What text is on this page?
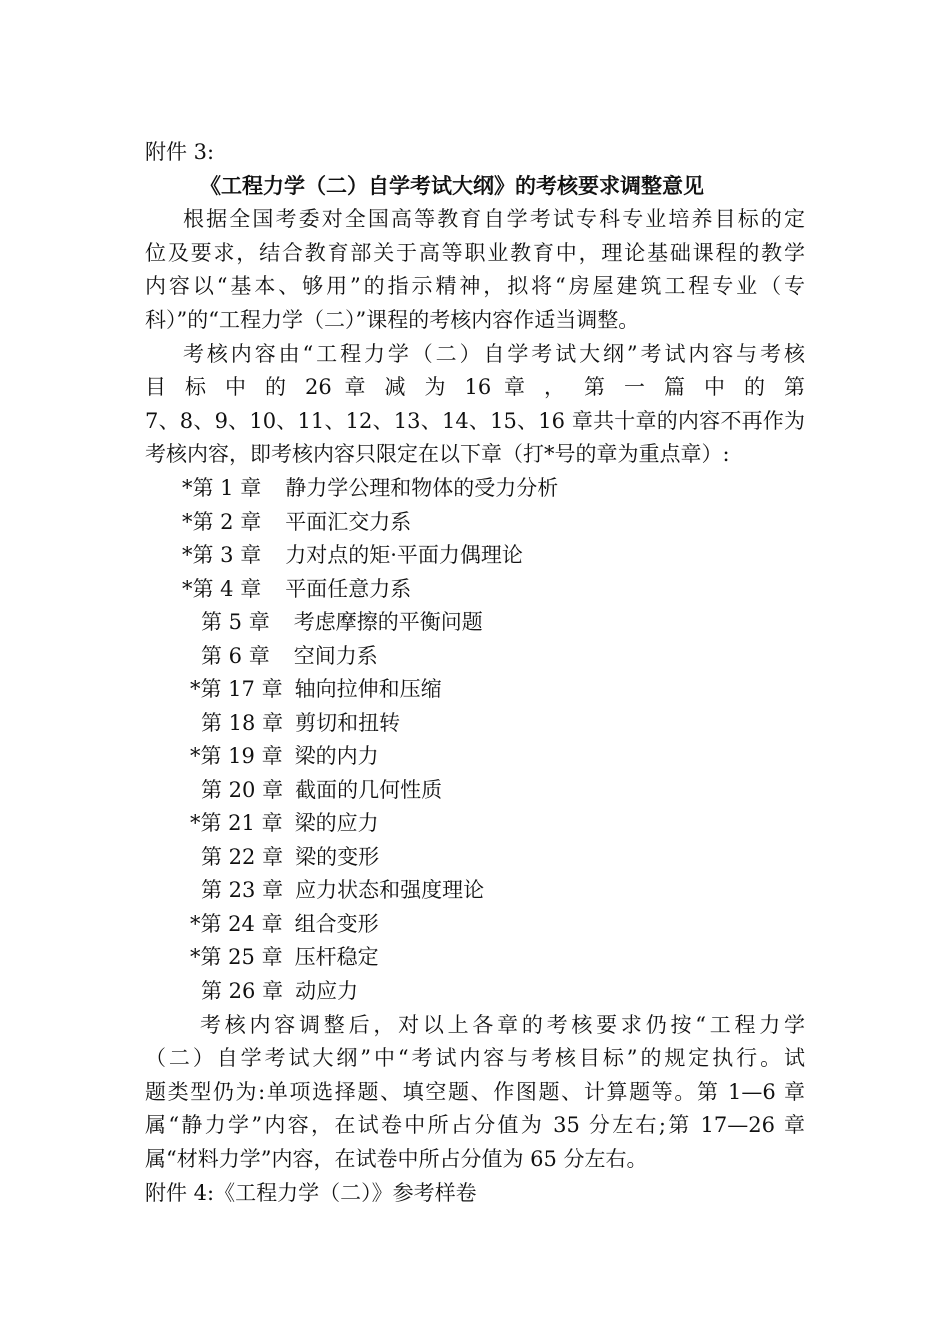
附件 3:
《工程力学（二）自学考试大纲》的考核要求调整意见
根据全国考委对全国高等教育自学考试专科专业培养目标的定
位及要求，结合教育部关于高等职业教育中，理论基础课程的教学
内容以“基本、够用”的指示精神，拟将“房屋建筑工程专业（专
科）”的“工程力学（二）”课程的考核内容作适当调整。
考核内容由“工程力学（二）自学考试大纲”考试内容与考核
目 标 中 的 26 章 减 为 16 章 ， 第 一 篇 中 的 第
7、8、9、10、11、12、13、14、15、16 章共十章的内容不再作为
考核内容，即考核内容只限定在以下章（打*号的章为重点章）:
*第 1 章 静力学公理和物体的受力分析
*第 2 章 平面汇交力系
*第 3 章 力对点的矩·平面力偶理论
*第 4 章 平面任意力系
第 5 章 考虑摩擦的平衡问题
第 6 章 空间力系
*第 17 章 轴向拉伸和压缩
第 18 章 剪切和扭转
*第 19 章 梁的内力
第 20 章 截面的几何性质
*第 21 章 梁的应力
第 22 章 梁的变形
第 23 章 应力状态和强度理论
*第 24 章 组合变形
*第 25 章 压杆稳定
第 26 章 动应力
考核内容调整后，对以上各章的考核要求仍按“工程力学
（二）自学考试大纲”中“考试内容与考核目标”的规定执行。试
题类型仍为:单项选择题、填空题、作图题、计算题等。第 1—6 章
属“静力学”内容，在试卷中所占分值为 35 分左右;第 17—26 章
属“材料力学”内容，在试卷中所占分值为 65 分左右。
附件 4:《工程力学（二）》参考样卷
